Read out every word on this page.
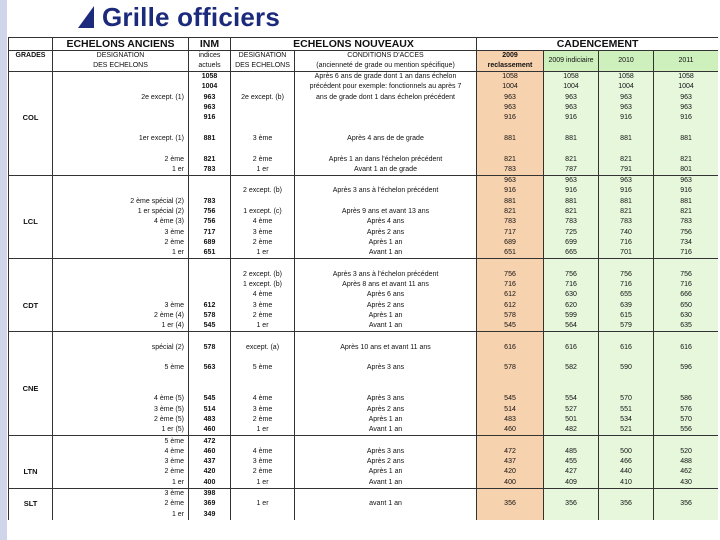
Grille officiers
	ECHELONS ANCIENS	INM	ECHELONS NOUVEAUX		CADENCEMENT			
GRADES	DESIGNATION	indices	DESIGNATION	CONDITIONS D'ACCES	2009	2009 indiciaire	2010	2011
	DES ECHELONS	actuels	DES ECHELONS	(ancienneté de grade ou mention spécifique)	reclassement			
		1058		Après 6 ans de grade dont 1 an dans échelon	1058	1058	1058	1058
		1004		précédent pour exemple: fonctionnels au après 7	1004	1004	1004	1004
	2e except. (1)	963	2e except. (b)	ans de grade dont 1 dans échelon précédent	963	963	963	963
		963			963	963	963	963
COL		916			916	916	916	916

	1er except. (1)	881	3 ème	Après 4 ans de de grade	881	881	881	881

	2 ème	821	2 ème	Après 1 an dans l'échelon précédent	821	821	821	821
	1 er	783	1 er	Avant 1 an de grade	783	787	791	801
					963	963	963	963
			2 except. (b)	Après 3 ans à l'échelon précédent	916	916	916	916
	2 ème spécial (2)	783			881	881	881	881
	1 er spécial (2)	756	1 except. (c)	Après 9 ans et avant 13 ans	821	821	821	821
LCL	4 ème (3)	756	4 ème	Après 4 ans	783	783	783	783
	3 ème	717	3 ème	Après 2 ans	717	725	740	756
	2 ème	689	2 ème	Après 1 an	689	699	716	734
	1 er	651	1 er	Avant 1 an	651	665	701	716

			2 except. (b)	Après 3 ans à l'échelon précédent	756	756	756	756
			1 except. (b)	Après 8 ans et avant 11 ans	716	716	716	716
			4 ème	Après 6 ans	612	630	655	666
CDT	3 ème	612	3 ème	Après 2 ans	612	620	639	650
	2 ème (4)	578	2 ème	Après 1 an	578	599	615	630
	1 er (4)	545	1 er	Avant 1 an	545	564	579	635

	spécial (2)	578	except. (a)	Après 10 ans et avant 11 ans	616	616	616	616

	5 ème	563	5 ème	Après 3 ans	578	582	590	596

CNE								
	4 ème (5)	545	4 ème	Après 3 ans	545	554	570	586
	3 ème (5)	514	3 ème	Après 2 ans	514	527	551	576
	2 ème (5)	483	2 ème	Après 1 an	483	501	534	570
	1 er (5)	460	1 er	Avant 1 an	460	482	521	556
	5 ème	472						
	4 ème	460	4 ème	Après 3 ans	472	485	500	520
	3 ème	437	3 ème	Après 2 ans	437	455	466	488
LTN	2 ème	420	2 ème	Après 1 an	420	427	440	462
	1 er	400	1 er	Avant 1 an	400	409	410	430
	3 ème	398						
SLT	2 ème	369	1 er	avant 1 an	356	356	356	356
	1 er	349						
